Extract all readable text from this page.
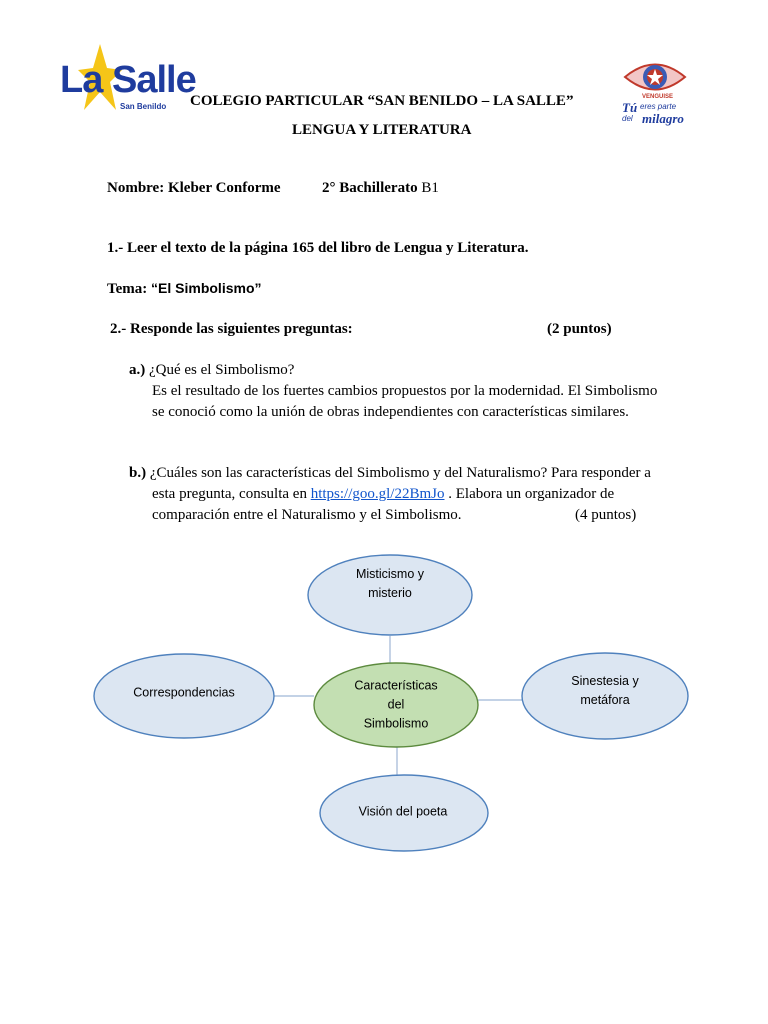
La Salle
San Benildo
VENGUISE
Tú eres parte
del milagro
COLEGIO PARTICULAR “SAN BENILDO – LA SALLE”
LENGUA Y LITERATURA
Nombre: Kleber Conforme	2° Bachillerato B1
1.- Leer el texto de la página 165 del libro de Lengua y Literatura.
Tema: “El Simbolismo”
2.- Responde las siguientes preguntas:	(2 puntos)
a.) ¿Qué es el Simbolismo?
Es el resultado de los fuertes cambios propuestos por la modernidad. El Simbolismo
se conoció como la unión de obras independientes con características similares.
b.) ¿Cuáles son las características del Simbolismo y del Naturalismo? Para responder a
esta pregunta, consulta en https://goo.gl/22BmJo . Elabora un organizador de
comparación entre el Naturalismo y el Simbolismo.	(4 puntos)
Misticismo y
misterio
Correspondencias
Sinestesia y
metáfora
Características
del
Simbolismo
Visión del poeta
